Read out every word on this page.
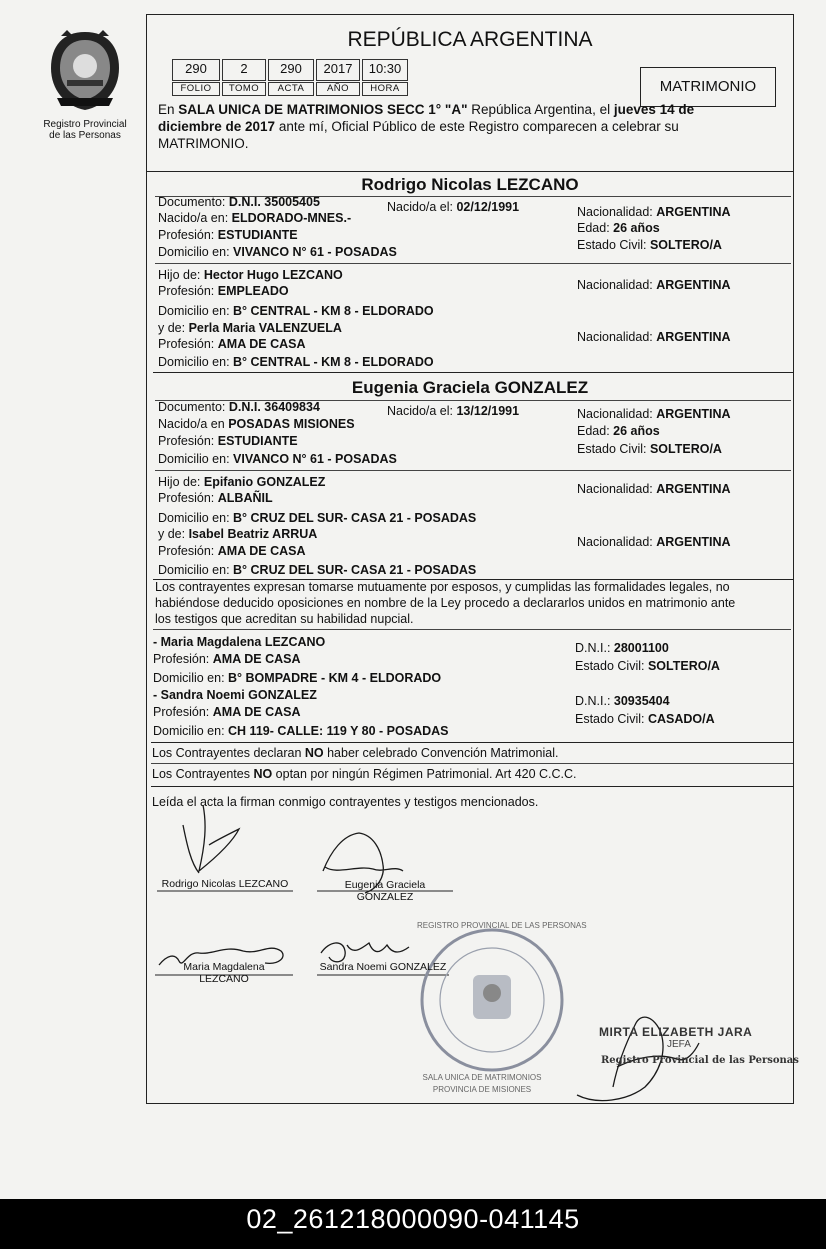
Registro Provincial de las Personas
REPÚBLICA ARGENTINA
290
FOLIO
2
TOMO
290
ACTA
2017
AÑO
10:30
HORA	MATRIMONIO
En SALA UNICA DE MATRIMONIOS SECC 1° "A" República Argentina, el jueves 14 de
diciembre de 2017 ante mí, Oficial Público de este Registro comparecen a celebrar su
MATRIMONIO.
Rodrigo Nicolas LEZCANO
Documento: D.N.I. 35005405	Nacido/a el: 02/12/1991
Nacido/a en: ELDORADO-MNES.-
Profesión: ESTUDIANTE
Domicilio en: VIVANCO N° 61 - POSADAS
Nacionalidad: ARGENTINA
Edad: 26 años
Estado Civil: SOLTERO/A
Hijo de: Hector Hugo LEZCANO
Profesión: EMPLEADO
Domicilio en: B° CENTRAL - KM 8 - ELDORADO
Nacionalidad: ARGENTINA
y de: Perla Maria VALENZUELA
Profesión: AMA DE CASA
Domicilio en: B° CENTRAL - KM 8 - ELDORADO
Nacionalidad: ARGENTINA
Eugenia Graciela GONZALEZ
Documento: D.N.I. 36409834	Nacido/a el: 13/12/1991
Nacido/a en POSADAS MISIONES
Profesión: ESTUDIANTE
Domicilio en: VIVANCO N° 61 - POSADAS
Nacionalidad: ARGENTINA
Edad: 26 años
Estado Civil: SOLTERO/A
Hijo de: Epifanio GONZALEZ
Profesión: ALBAÑIL
Domicilio en: B° CRUZ DEL SUR- CASA 21 - POSADAS
Nacionalidad: ARGENTINA
y de: Isabel Beatriz ARRUA
Profesión: AMA DE CASA
Domicilio en: B° CRUZ DEL SUR- CASA 21 - POSADAS
Nacionalidad: ARGENTINA
Los contrayentes expresan tomarse mutuamente por esposos, y cumplidas las formalidades legales, no
habiéndose deducido oposiciones en nombre de la Ley procedo a declararlos unidos en matrimonio ante
los testigos que acreditan su habilidad nupcial.
- Maria Magdalena LEZCANO
Profesión: AMA DE CASA
Domicilio en: B° BOMPADRE - KM 4 - ELDORADO
D.N.I.: 28001100
Estado Civil: SOLTERO/A
- Sandra Noemi GONZALEZ
Profesión: AMA DE CASA
Domicilio en: CH 119- CALLE: 119 Y 80 - POSADAS
D.N.I.: 30935404
Estado Civil: CASADO/A
Los Contrayentes declaran NO haber celebrado Convención Matrimonial.
Los Contrayentes NO optan por ningún Régimen Patrimonial. Art 420 C.C.C.
Leída el acta la firman conmigo contrayentes y testigos mencionados.
Rodrigo Nicolas LEZCANO	Eugenia Graciela
GONZALEZ
Maria Magdalena
LEZCANO
Sandra Noemi GONZALEZ
MIRTA ELIZABETH JARA
JEFA
Registro Provincial de las Personas
SALA UNICA DE MATRIMONIOS
REGISTRO PROVINCIAL DE LAS PERSONAS
PROVINCIA DE MISIONES
02_261218000090-041145
